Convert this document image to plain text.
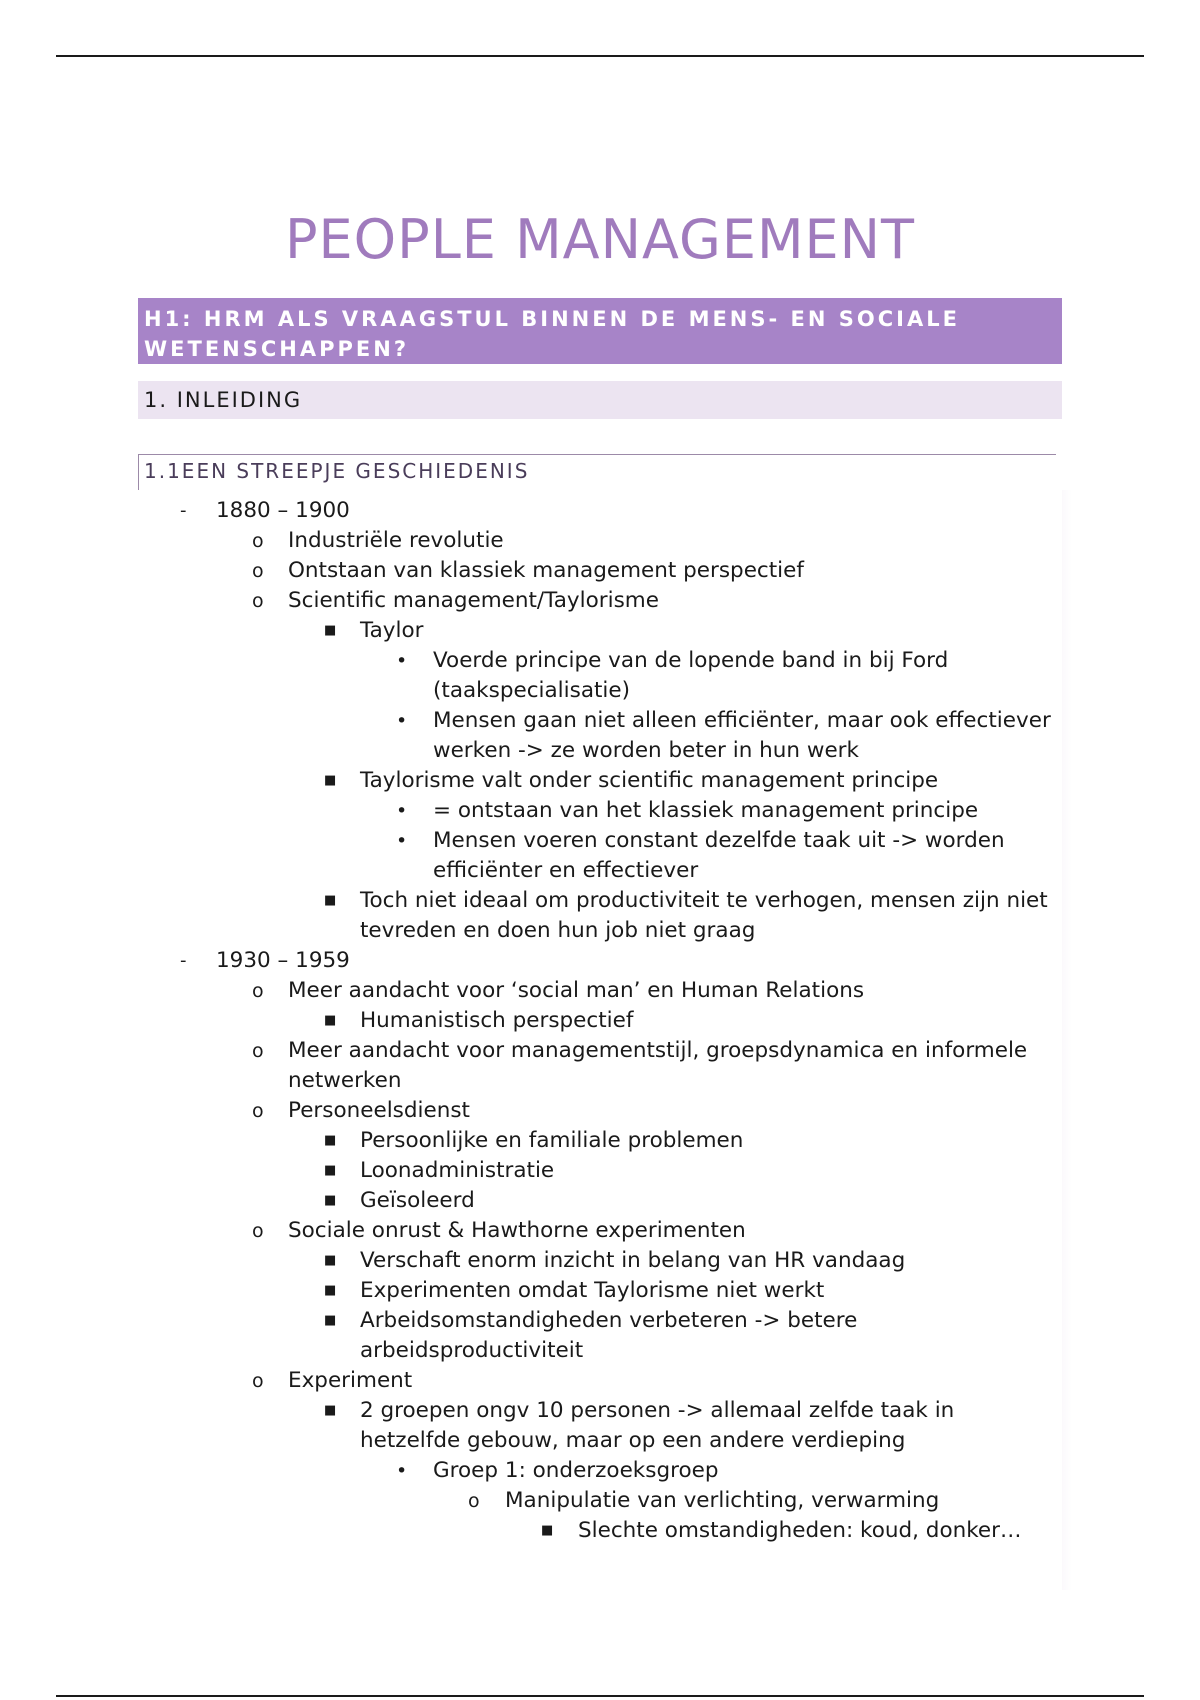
PEOPLE MANAGEMENT

H1: HRM ALS VRAAGSTUL BINNEN DE MENS- EN SOCIALE WETENSCHAPPEN?

1. INLEIDING
1.1EEN STREEPJE GESCHIEDENIS
-	1880 – 1900
o	Industriële revolutie
o	Ontstaan van klassiek management perspectief
o	Scientific management/Taylorisme
■	Taylor
•	Voerde principe van de lopende band in bij Ford (taakspecialisatie)
•	Mensen gaan niet alleen efficiënter, maar ook effectiever werken -> ze worden beter in hun werk
■	Taylorisme valt onder scientific management principe
•	= ontstaan van het klassiek management principe
•	Mensen voeren constant dezelfde taak uit -> worden efficiënter en effectiever
■	Toch niet ideaal om productiviteit te verhogen, mensen zijn niet tevreden en doen hun job niet graag
-	1930 – 1959
o	Meer aandacht voor ‘social man’ en Human Relations
■	Humanistisch perspectief
o	Meer aandacht voor managementstijl, groepsdynamica en informele netwerken
o	Personeelsdienst
■	Persoonlijke en familiale problemen
■	Loonadministratie
■	Geïsoleerd
o	Sociale onrust & Hawthorne experimenten
■	Verschaft enorm inzicht in belang van HR vandaag
■	Experimenten omdat Taylorisme niet werkt
■	Arbeidsomstandigheden verbeteren -> betere arbeidsproductiviteit
o	Experiment
■	2 groepen ongv 10 personen -> allemaal zelfde taak in hetzelfde gebouw, maar op een andere verdieping
•	Groep 1: onderzoeksgroep
o	Manipulatie van verlichting, verwarming
■	Slechte omstandigheden: koud, donker…
